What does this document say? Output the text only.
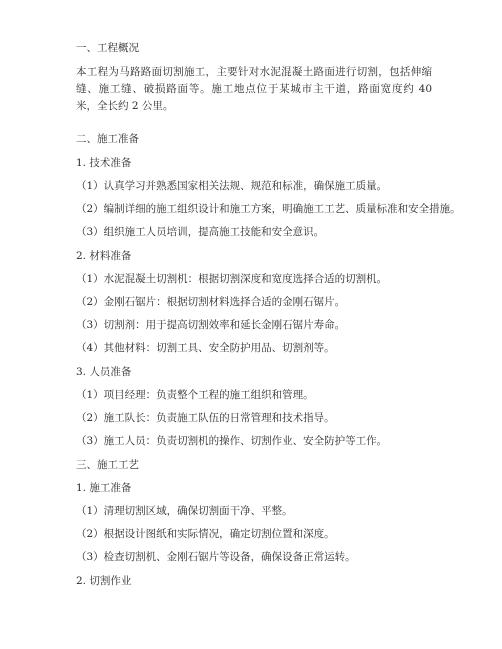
一、工程概况
本工程为马路路面切割施工，主要针对水泥混凝土路面进行切割，包括伸缩缝、施工缝、破损路面等。施工地点位于某城市主干道，路面宽度约 40 米，全长约 2 公里。
二、施工准备
1. 技术准备
（1）认真学习并熟悉国家相关法规、规范和标准，确保施工质量。
（2）编制详细的施工组织设计和施工方案，明确施工工艺、质量标准和安全措施。
（3）组织施工人员培训，提高施工技能和安全意识。
2. 材料准备
（1）水泥混凝土切割机：根据切割深度和宽度选择合适的切割机。
（2）金刚石锯片：根据切割材料选择合适的金刚石锯片。
（3）切割剂：用于提高切割效率和延长金刚石锯片寿命。
（4）其他材料：切割工具、安全防护用品、切割剂等。
3. 人员准备
（1）项目经理：负责整个工程的施工组织和管理。
（2）施工队长：负责施工队伍的日常管理和技术指导。
（3）施工人员：负责切割机的操作、切割作业、安全防护等工作。
三、施工工艺
1. 施工准备
（1）清理切割区域，确保切割面干净、平整。
（2）根据设计图纸和实际情况，确定切割位置和深度。
（3）检查切割机、金刚石锯片等设备，确保设备正常运转。
2. 切割作业
